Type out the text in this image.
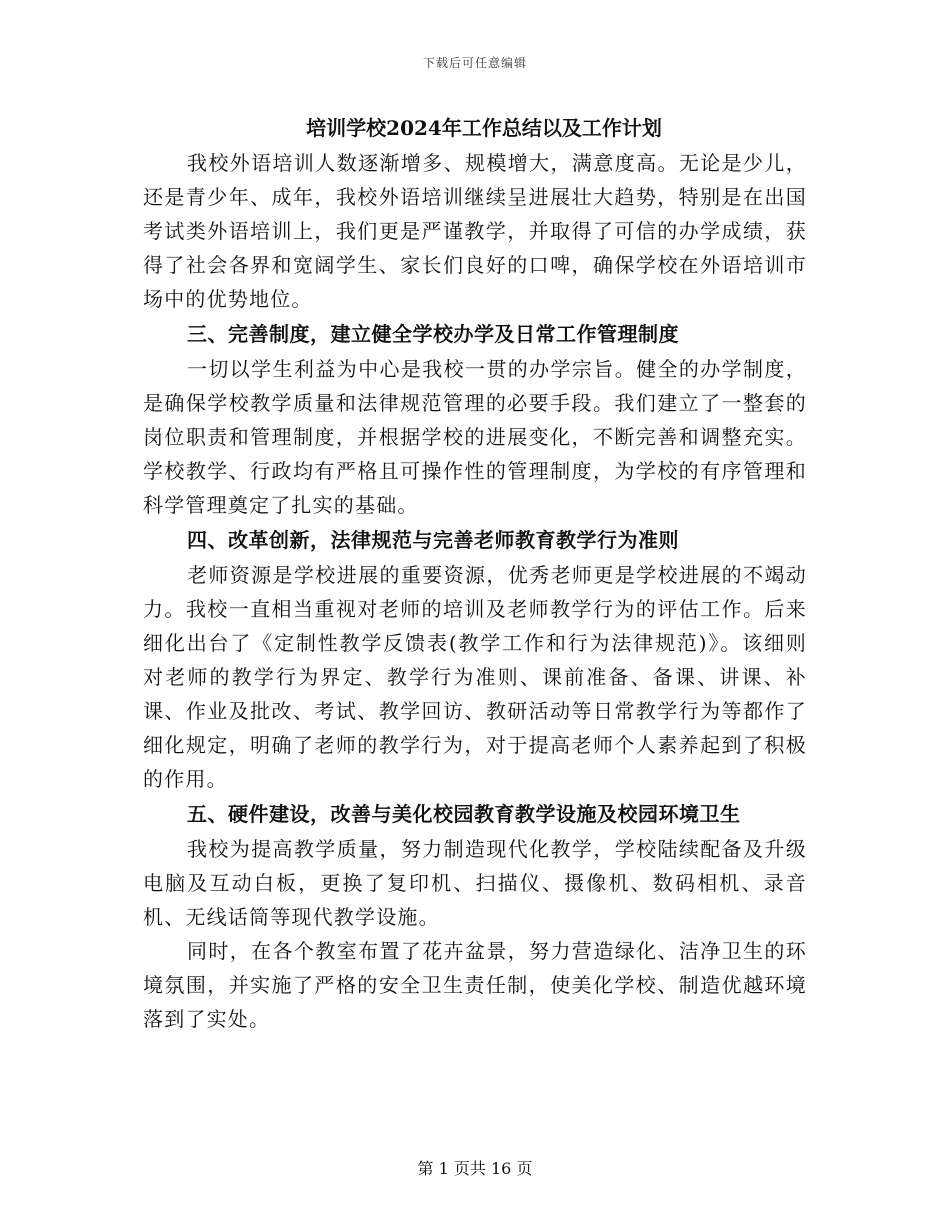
下载后可任意编辑
培训学校2024年工作总结以及工作计划

我校外语培训人数逐渐增多、规模增大，满意度高。无论是少儿，还是青少年、成年，我校外语培训继续呈进展壮大趋势，特别是在出国考试类外语培训上，我们更是严谨教学，并取得了可信的办学成绩，获得了社会各界和宽阔学生、家长们良好的口啤，确保学校在外语培训市场中的优势地位。

三、完善制度，建立健全学校办学及日常工作管理制度

一切以学生利益为中心是我校一贯的办学宗旨。健全的办学制度，是确保学校教学质量和法律规范管理的必要手段。我们建立了一整套的岗位职责和管理制度，并根据学校的进展变化，不断完善和调整充实。学校教学、行政均有严格且可操作性的管理制度，为学校的有序管理和科学管理奠定了扎实的基础。

四、改革创新，法律规范与完善老师教育教学行为准则

老师资源是学校进展的重要资源，优秀老师更是学校进展的不竭动力。我校一直相当重视对老师的培训及老师教学行为的评估工作。后来细化出台了《定制性教学反馈表(教学工作和行为法律规范)》。该细则对老师的教学行为界定、教学行为准则、课前准备、备课、讲课、补课、作业及批改、考试、教学回访、教研活动等日常教学行为等都作了细化规定，明确了老师的教学行为，对于提高老师个人素养起到了积极的作用。

五、硬件建设，改善与美化校园教育教学设施及校园环境卫生

我校为提高教学质量，努力制造现代化教学，学校陆续配备及升级电脑及互动白板，更换了复印机、扫描仪、摄像机、数码相机、录音机、无线话筒等现代教学设施。

同时，在各个教室布置了花卉盆景，努力营造绿化、洁净卫生的环境氛围，并实施了严格的安全卫生责任制，使美化学校、制造优越环境落到了实处。

第 1 页共 16 页
